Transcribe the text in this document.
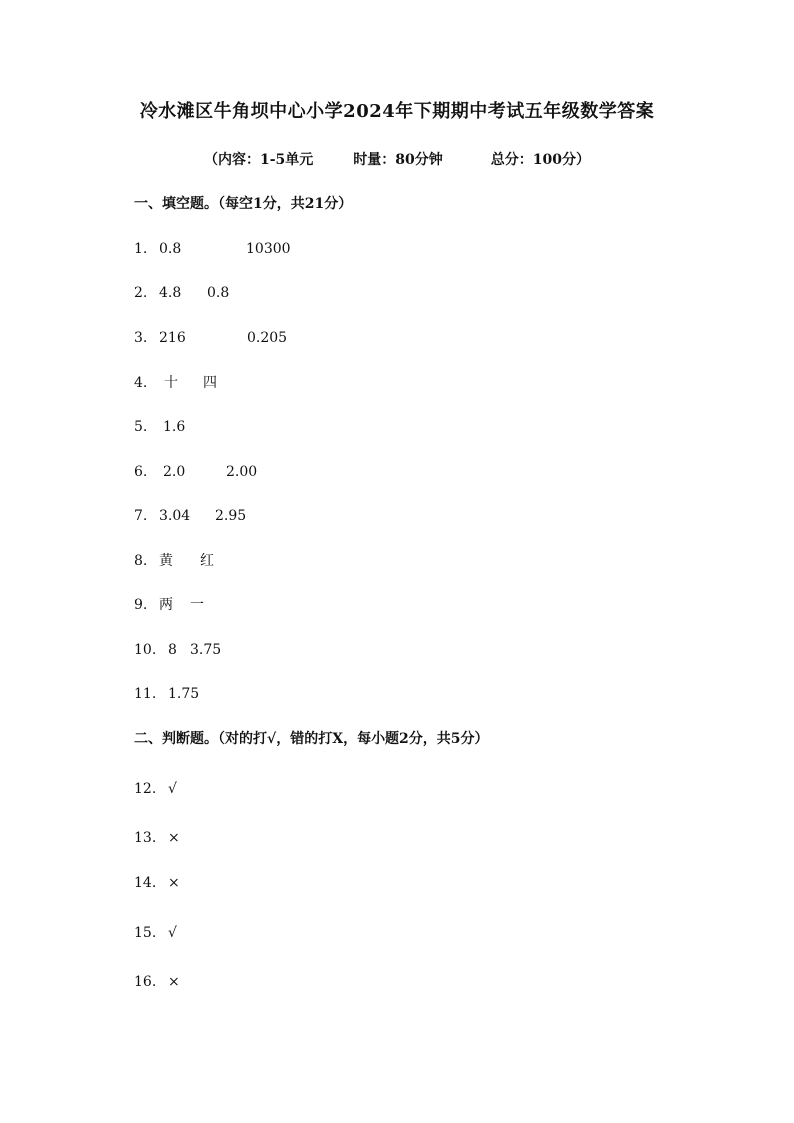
冷水滩区牛角坝中心小学2024年下期期中考试五年级数学答案
（内容：1-5单元	时量：80分钟	总分：100分）
一、填空题。（每空1分，共21分）
1. 0.8	10300
2. 4.8 0.8
3. 216	0.205
4. 十 四
5. 1.6
6. 2.0	2.00
7. 3.04 2.95
8. 黄 红
9. 两 一
10. 8 3.75
11. 1.75
二、判断题。（对的打√，错的打X，每小题2分，共5分）
12. √
13. ×
14. ×
15. √
16. ×
